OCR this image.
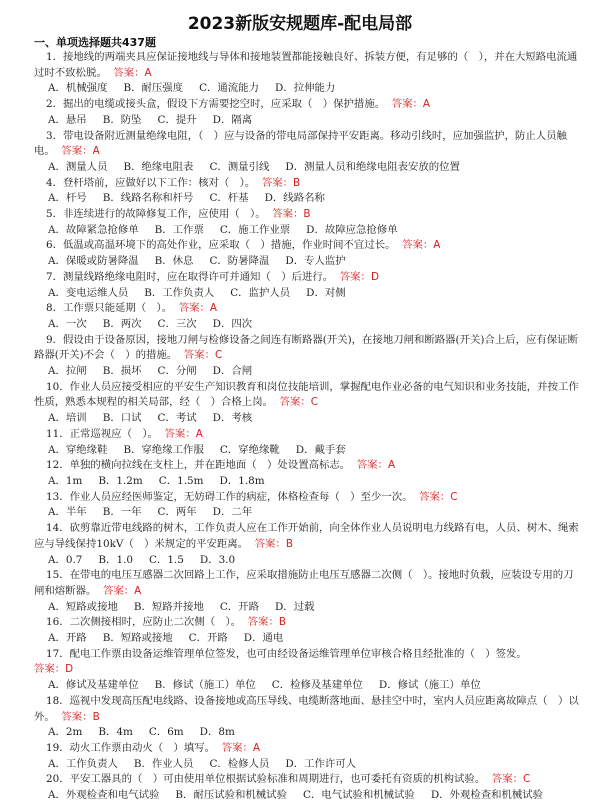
2023新版安规题库-配电局部
一、单项选择题共437题
1．接地线的两端夹具应保证接地线与导体和接地装置都能接触良好、拆装方便，有足够的（　），并在大短路电流通过时不致松脱。 答案：A
A．机械强度 B．耐压强度 C．通流能力 D．拉伸能力
2．掘出的电缆或接头盒，假设下方需要挖空时，应采取（　）保护措施。 答案：A
A．悬吊 B．防坠 C．提升 D．隔离
3．带电设备附近测量绝缘电阻，（　）应与设备的带电局部保持平安距离。移动引线时，应加强监护，防止人员触电。 答案：A
A．测量人员 B．绝缘电阻表 C．测量引线 D．测量人员和绝缘电阻表安放的位置
4．登杆塔前，应做好以下工作：核对（　）。 答案：B
A．杆号 B．线路名称和杆号 C．杆基 D．线路名称
5．非连续进行的故障修复工作，应使用（　）。 答案：B
A．故障紧急抢修单 B．工作票 C．施工作业票 D．故障应急抢修单
6．低温或高温环境下的高处作业，应采取（　）措施，作业时间不宜过长。 答案：A
A．保暖或防暑降温 B．休息 C．防暑降温 D．专人监护
7．测量线路绝缘电阻时，应在取得许可并通知（　）后进行。 答案：D
A．变电运维人员 B．工作负责人 C．监护人员 D．对侧
8．工作票只能延期（　）。 答案：A
A．一次 B．两次 C．三次 D．四次
9．假设由于设备原因，接地刀闸与检修设备之间连有断路器(开关)，在接地刀闸和断路器(开关)合上后，应有保证断路器(开关)不会（　）的措施。 答案：C
A．拉闸 B．损坏 C．分闸 D．合闸
10．作业人员应接受相应的平安生产知识教育和岗位技能培训，掌握配电作业必备的电气知识和业务技能，并按工作性质，熟悉本规程的相关局部，经（　）合格上岗。 答案：C
A．培训 B．口试 C．考试 D．考核
11．正常巡视应（　）。 答案：A
A．穿绝缘鞋 B．穿绝缘工作服 C．穿绝缘靴 D．戴手套
12．单独的横向拉线在支柱上，并在距地面（　）处设置高标志。 答案：A
A．1m B．1.2m C．1.5m D．1.8m
13．作业人员应经医师鉴定，无妨碍工作的病症，体格检查每（　）至少一次。 答案：C
A．半年 B．一年 C．两年 D．二年
14．砍剪靠近带电线路的树木，工作负责人应在工作开始前，向全体作业人员说明电力线路有电，人员、树木、绳索应与导线保持10kV（　）米规定的平安距离。 答案：B
A．0.7 B．1.0 C．1.5 D．3.0
15．在带电的电压互感器二次回路上工作，应采取措施防止电压互感器二次侧（　）。接地时负载，应装设专用的刀闸和熔断器。 答案：A
A．短路或接地 B．短路并接地 C．开路 D．过载
16．二次侧接相时，应防止二次侧（　）。 答案：B
A．开路 B．短路或接地 C．开路 D．通电
17．配电工作票由设备运维管理单位签发，也可由经设备运维管理单位审核合格且经批准的（　）签发。
答案：D
A．修试及基建单位 B．修试（施工）单位 C．检修及基建单位 D．修试（施工）单位
18．巡视中发现高压配电线路、设备接地或高压导线、电缆断落地面、悬挂空中时，室内人员应距离故障点（　）以外。 答案：B
A．2m B．4m C．6m D．8m
19．动火工作票由动火（　）填写。 答案：A
A．工作负责人 B．作业人员 C．检修人员 D．工作许可人
20．平安工器具的（　）可由使用单位根据试验标准和周期进行，也可委托有资质的机构试验。 答案：C
A．外观检查和电气试验 B．耐压试验和机械试验 C．电气试验和机械试验 D．外观检查和机械试验
